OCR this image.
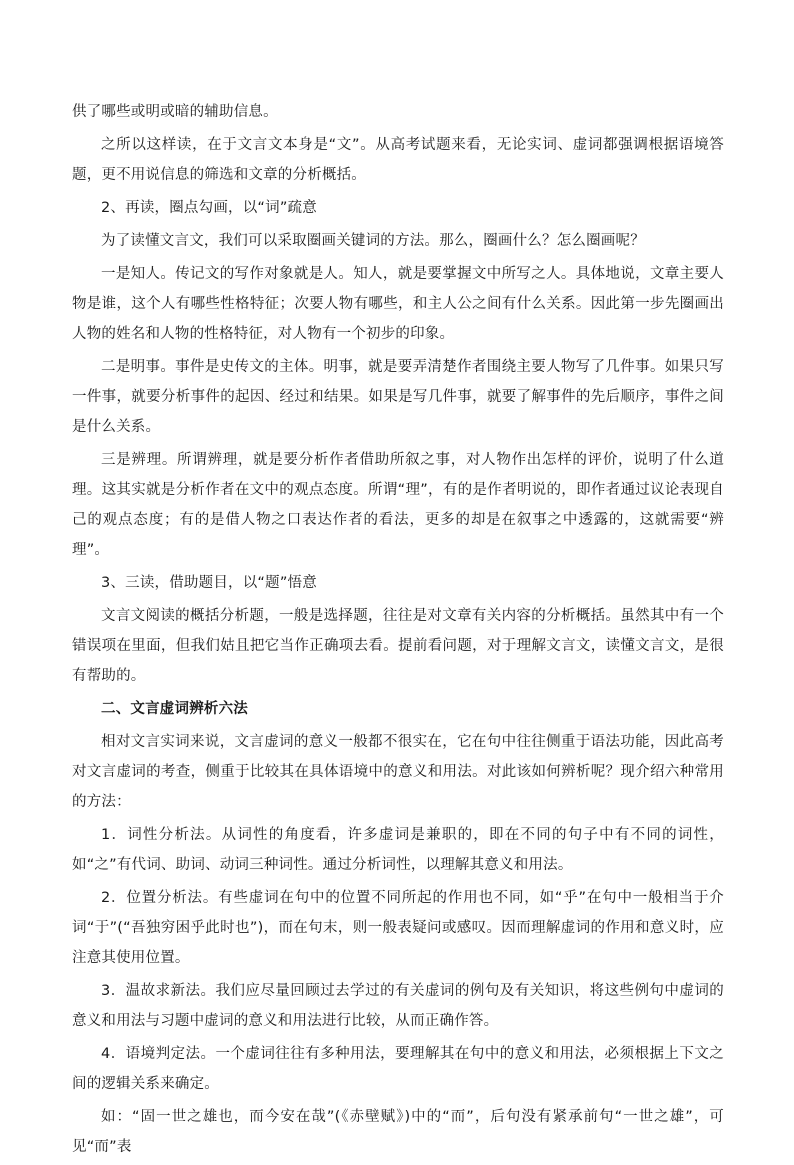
供了哪些或明或暗的辅助信息。

之所以这样读，在于文言文本身是“文”。从高考试题来看，无论实词、虚词都强调根据语境答题，更不用说信息的筛选和文章的分析概括。

2、再读，圈点勾画，以“词”疏意

为了读懂文言文，我们可以采取圈画关键词的方法。那么，圈画什么？怎么圈画呢？

一是知人。传记文的写作对象就是人。知人，就是要掌握文中所写之人。具体地说，文章主要人物是谁，这个人有哪些性格特征；次要人物有哪些，和主人公之间有什么关系。因此第一步先圈画出人物的姓名和人物的性格特征，对人物有一个初步的印象。

二是明事。事件是史传文的主体。明事，就是要弄清楚作者围绕主要人物写了几件事。如果只写一件事，就要分析事件的起因、经过和结果。如果是写几件事，就要了解事件的先后顺序，事件之间是什么关系。

三是辨理。所谓辨理，就是要分析作者借助所叙之事，对人物作出怎样的评价，说明了什么道理。这其实就是分析作者在文中的观点态度。所谓“理”，有的是作者明说的，即作者通过议论表现自己的观点态度；有的是借人物之口表达作者的看法，更多的却是在叙事之中透露的，这就需要“辨理”。

3、三读，借助题目，以“题”悟意

文言文阅读的概括分析题，一般是选择题，往往是对文章有关内容的分析概括。虽然其中有一个错误项在里面，但我们姑且把它当作正确项去看。提前看问题，对于理解文言文，读懂文言文，是很有帮助的。

二、文言虚词辨析六法

相对文言实词来说，文言虚词的意义一般都不很实在，它在句中往往侧重于语法功能，因此高考对文言虚词的考查，侧重于比较其在具体语境中的意义和用法。对此该如何辨析呢？现介绍六种常用的方法：

1．词性分析法。从词性的角度看，许多虚词是兼职的，即在不同的句子中有不同的词性，如“之”有代词、助词、动词三种词性。通过分析词性，以理解其意义和用法。

2．位置分析法。有些虚词在句中的位置不同所起的作用也不同，如“乎”在句中一般相当于介词“于”(“吾独穷困乎此时也”)，而在句末，则一般表疑问或感叹。因而理解虚词的作用和意义时，应注意其使用位置。

3．温故求新法。我们应尽量回顾过去学过的有关虚词的例句及有关知识，将这些例句中虚词的意义和用法与习题中虚词的意义和用法进行比较，从而正确作答。

4．语境判定法。一个虚词往往有多种用法，要理解其在句中的意义和用法，必须根据上下文之间的逻辑关系来确定。

如：“固一世之雄也，而今安在哉”(《赤壁赋》)中的“而”，后句没有紧承前句“一世之雄”，可见“而”表
